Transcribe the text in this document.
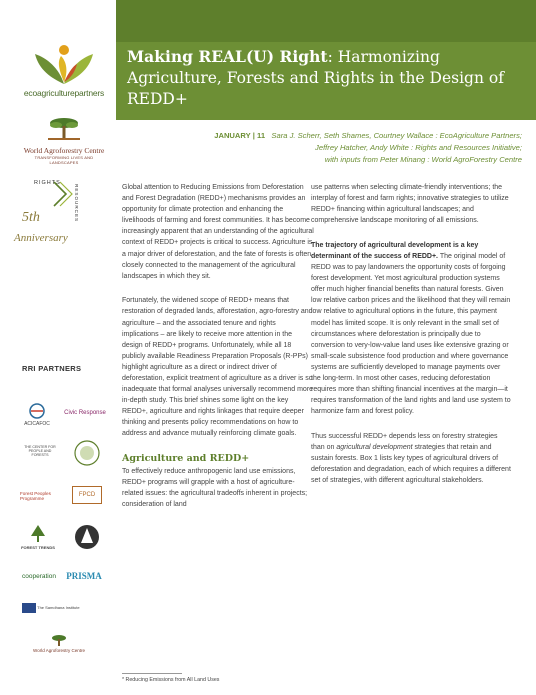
ecoagriculturepartners
World Agroforestry Centre
TRANSFORMING LIVES AND LANDSCAPES
RIGHTS
RESOURCES
5th
Anniversary
RRI PARTNERS

ACICAFOC
Civic Response
THE CENTER FOR PEOPLE AND FORESTS
Forest Peoples Programme
FPCD

FOREST TRENDS
cooperation PRISMA

The Samdhana Institute

World Agroforestry Centre
Making REAL(U) Right: Harmonizing Agriculture, Forests and Rights in the Design of REDD+
JANUARY | 11 Sara J. Scherr, Seth Shames, Courtney Wallace : EcoAgriculture Partners;
Jeffrey Hatcher, Andy White : Rights and Resources Initiative;
with inputs from Peter Minang : World AgroForestry Centre

Global attention to Reducing Emissions from Deforestation and Forest Degradation (REDD+) mechanisms provides an opportunity for climate protection and enhancing the livelihoods of farming and forest communities. It has become increasingly apparent that an understanding of the agricultural context of REDD+ projects is critical to success. Agriculture is a major driver of deforestation, and the fate of forests is often closely connected to the management of the agricultural landscapes in which they sit.

Fortunately, the widened scope of REDD+ means that restoration of degraded lands, afforestation, agro-forestry and agriculture – and the associated tenure and rights implications – are likely to receive more attention in the design of REDD+ programs. Unfortunately, while all 18 publicly available Readiness Preparation Proposals (R-PPs) highlight agriculture as a direct or indirect driver of deforestation, explicit treatment of agriculture as a driver is so inadequate that formal analyses universally recommend more in-depth study. This brief shines some light on the key REDD+, agriculture and rights linkages that require deeper thinking and presents policy recommendations on how to address and advance mutually reinforcing climate goals.

Agriculture and REDD+

To effectively reduce anthropogenic land use emissions, REDD+ programs will grapple with a host of agriculture-related issues: the agricultural tradeoffs inherent in projects; consideration of land

use patterns when selecting climate-friendly interventions; the interplay of forest and farm rights; innovative strategies to utilize REDD+ financing within agricultural landscapes; and comprehensive landscape monitoring of all emissions.

The trajectory of agricultural development is a key determinant of the success of REDD+. The original model of REDD was to pay landowners the opportunity costs of forgoing forest development. Yet most agricultural production systems offer much higher financial benefits than natural forests. Given low relative carbon prices and the likelihood that they will remain low relative to agricultural options in the future, this payment model has limited scope. It is only relevant in the small set of circumstances where deforestation is principally due to conversion to very-low-value land uses like extensive grazing or small-scale subsistence food production and where governance systems are sufficiently developed to manage payments over the long-term. In most other cases, reducing deforestation requires more than shifting financial incentives at the margin—it requires transformation of the land rights and land use system to harmonize farm and forest policy.

Thus successful REDD+ depends less on forestry strategies than on agricultural development strategies that retain and sustain forests. Box 1 lists key types of agricultural drivers of deforestation and degradation, each of which requires a different set of strategies, with different agricultural stakeholders.

* Reducing Emissions from All Land Uses
